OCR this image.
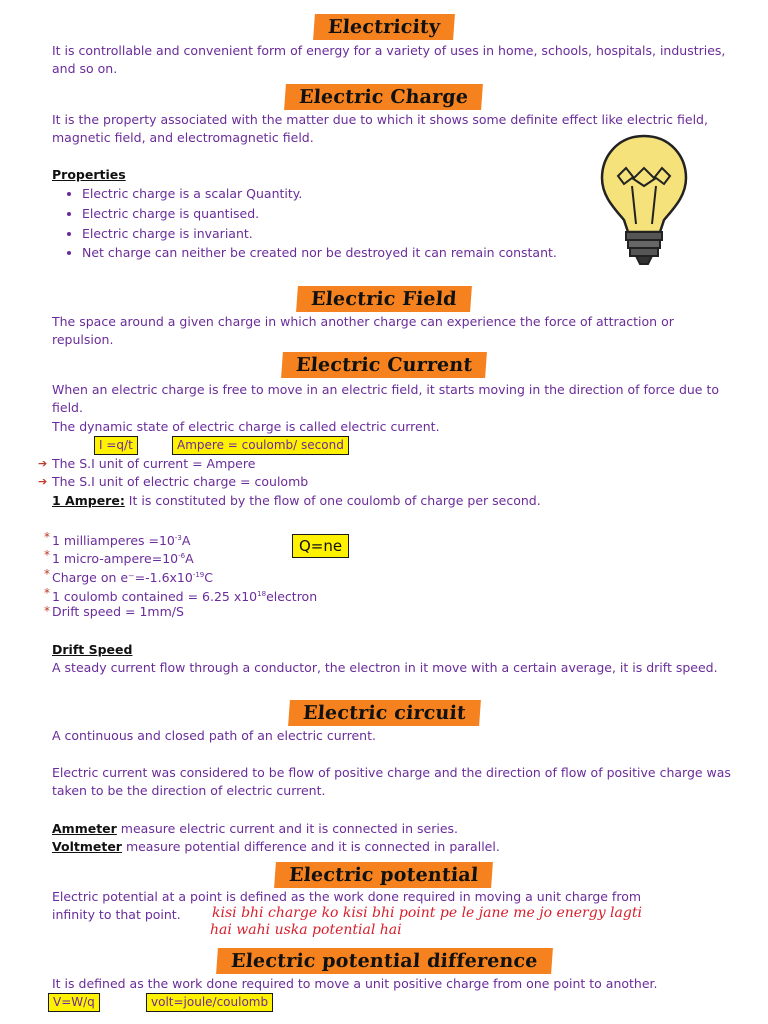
Electricity
It is controllable and convenient form of energy for a variety of uses in home, schools, hospitals, industries, and so on.
Electric Charge
It is the property associated with the matter due to which it shows some definite effect like electric field, magnetic field, and electromagnetic field.
Properties
• Electric charge is a scalar Quantity.
• Electric charge is quantised.
• Electric charge is invariant.
• Net charge can neither be created nor be destroyed it can remain constant.
Electric Field
The space around a given charge in which another charge can experience the force of attraction or repulsion.
Electric Current
When an electric charge is free to move in an electric field, it starts moving in the direction of force due to field.
The dynamic state of electric charge is called electric current.
I =q/t	Ampere = coulomb/ second
➔ The S.I unit of current = Ampere
➔ The S.I unit of electric charge = coulomb
1 Ampere: It is constituted by the flow of one coulomb of charge per second.
* 1 milliamperes $=10^{-3}A$
* 1 micro-$ampere=10^{-6}A$
* Charge on $e^-=-1.6x10^{-19}C$
* 1 coulomb contained = 6.25 $x10^{18}electron$
* Drift speed = 1mm/S
Q=ne
Drift Speed
A steady current flow through a conductor, the electron in it move with a certain average, it is drift speed.
Electric circuit
A continuous and closed path of an electric current.
Electric current was considered to be flow of positive charge and the direction of flow of positive charge was taken to be the direction of electric current.
Ammeter measure electric current and it is connected in series.
Voltmeter measure potential difference and it is connected in parallel.
Electric potential
Electric potential at a point is defined as the work done required in moving a unit charge from
infinity to that point.	kisi bhi charge ko kisi bhi point pe le jane me jo energy lagti
hai wahi uska potential hai
Electric potential difference
It is defined as the work done required to move a unit positive charge from one point to another.
V=W/q	volt=joule/coulomb
